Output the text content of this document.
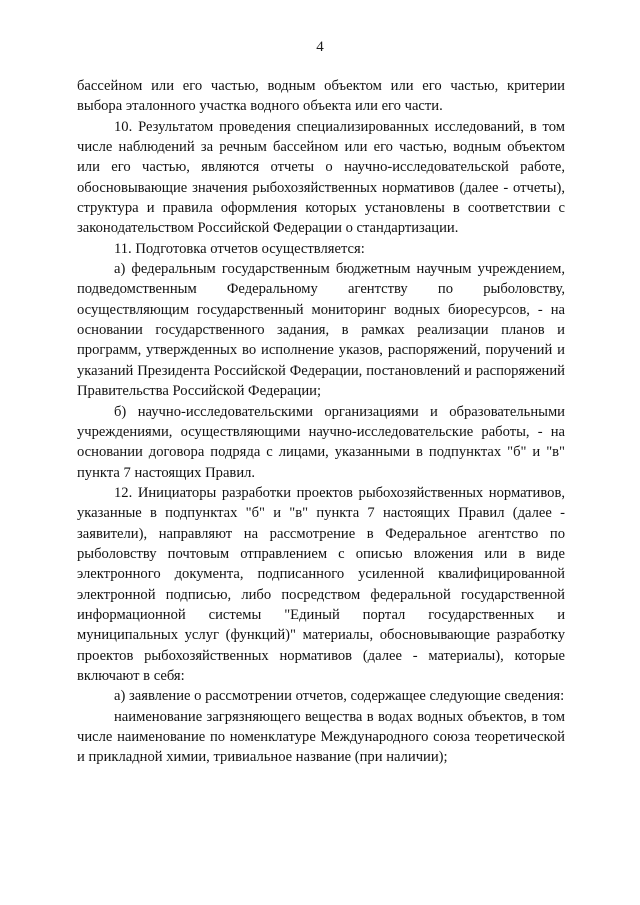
4

бассейном или его частью, водным объектом или его частью, критерии выбора эталонного участка водного объекта или его части.

10. Результатом проведения специализированных исследований, в том числе наблюдений за речным бассейном или его частью, водным объектом или его частью, являются отчеты о научно-исследовательской работе, обосновывающие значения рыбохозяйственных нормативов (далее - отчеты), структура и правила оформления которых установлены в соответствии с законодательством Российской Федерации о стандартизации.

11. Подготовка отчетов осуществляется:

а) федеральным государственным бюджетным научным учреждением, подведомственным Федеральному агентству по рыболовству, осуществляющим государственный мониторинг водных биоресурсов, - на основании государственного задания, в рамках реализации планов и программ, утвержденных во исполнение указов, распоряжений, поручений и указаний Президента Российской Федерации, постановлений и распоряжений Правительства Российской Федерации;

б) научно-исследовательскими организациями и образовательными учреждениями, осуществляющими научно-исследовательские работы, - на основании договора подряда с лицами, указанными в подпунктах "б" и "в" пункта 7 настоящих Правил.

12. Инициаторы разработки проектов рыбохозяйственных нормативов, указанные в подпунктах "б" и "в" пункта 7 настоящих Правил (далее - заявители), направляют на рассмотрение в Федеральное агентство по рыболовству почтовым отправлением с описью вложения или в виде электронного документа, подписанного усиленной квалифицированной электронной подписью, либо посредством федеральной государственной информационной системы "Единый портал государственных и муниципальных услуг (функций)" материалы, обосновывающие разработку проектов рыбохозяйственных нормативов (далее - материалы), которые включают в себя:

а) заявление о рассмотрении отчетов, содержащее следующие сведения:

наименование загрязняющего вещества в водах водных объектов, в том числе наименование по номенклатуре Международного союза теоретической и прикладной химии, тривиальное название (при наличии);
